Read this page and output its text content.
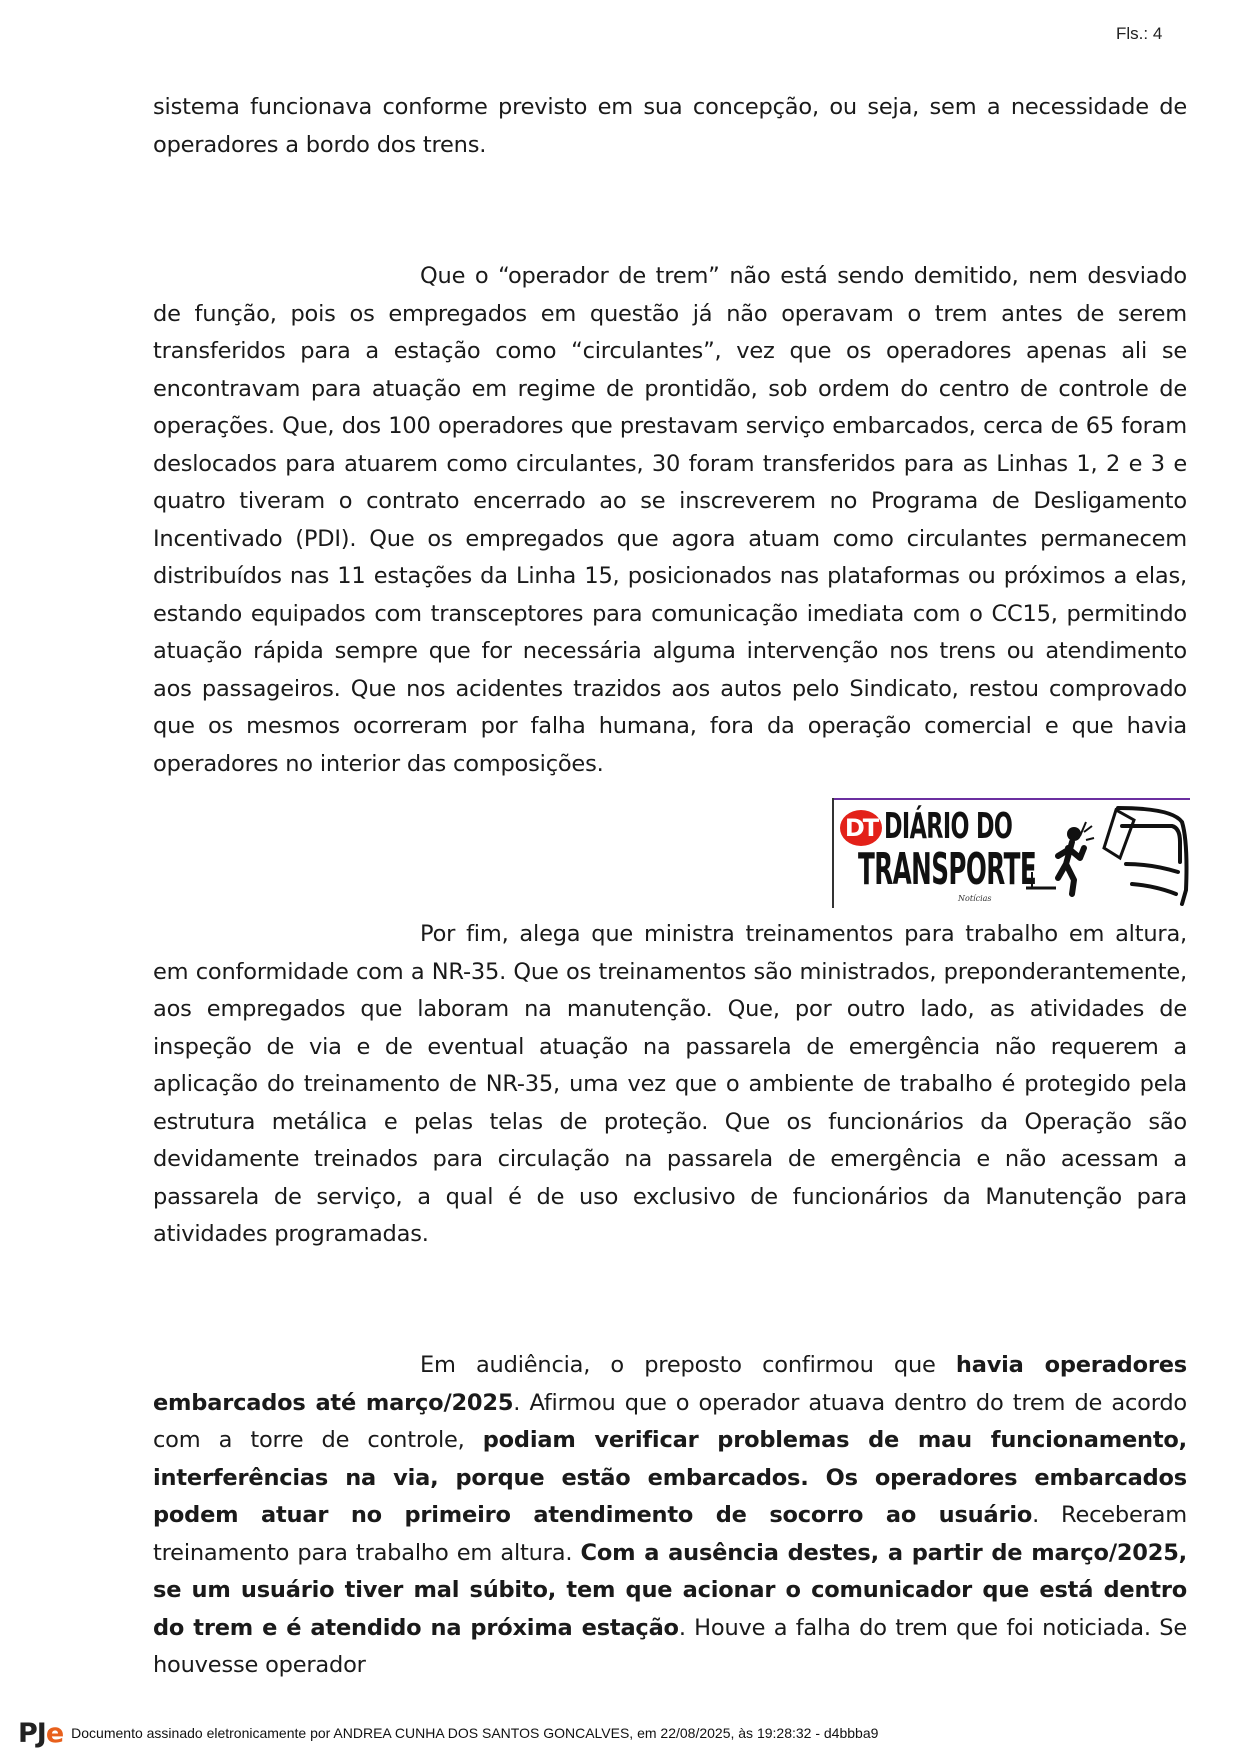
Fls.: 4

sistema funcionava conforme previsto em sua concepção, ou seja, sem a necessidade de operadores a bordo dos trens.

Que o “operador de trem” não está sendo demitido, nem desviado de função, pois os empregados em questão já não operavam o trem antes de serem transferidos para a estação como “circulantes”, vez que os operadores apenas ali se encontravam para atuação em regime de prontidão, sob ordem do centro de controle de operações. Que, dos 100 operadores que prestavam serviço embarcados, cerca de 65 foram deslocados para atuarem como circulantes, 30 foram transferidos para as Linhas 1, 2 e 3 e quatro tiveram o contrato encerrado ao se inscreverem no Programa de Desligamento Incentivado (PDI). Que os empregados que agora atuam como circulantes permanecem distribuídos nas 11 estações da Linha 15, posicionados nas plataformas ou próximos a elas, estando equipados com transceptores para comunicação imediata com o CC15, permitindo atuação rápida sempre que for necessária alguma intervenção nos trens ou atendimento aos passageiros. Que nos acidentes trazidos aos autos pelo Sindicato, restou comprovado que os mesmos ocorreram por falha humana, fora da operação comercial e que havia operadores no interior das composições.

DT DIÁRIO DO
TRANSPORTE
Notícias

Por fim, alega que ministra treinamentos para trabalho em altura, em conformidade com a NR-35. Que os treinamentos são ministrados, preponderantemente, aos empregados que laboram na manutenção. Que, por outro lado, as atividades de inspeção de via e de eventual atuação na passarela de emergência não requerem a aplicação do treinamento de NR-35, uma vez que o ambiente de trabalho é protegido pela estrutura metálica e pelas telas de proteção. Que os funcionários da Operação são devidamente treinados para circulação na passarela de emergência e não acessam a passarela de serviço, a qual é de uso exclusivo de funcionários da Manutenção para atividades programadas.

Em audiência, o preposto confirmou que havia operadores embarcados até março/2025. Afirmou que o operador atuava dentro do trem de acordo com a torre de controle, podiam verificar problemas de mau funcionamento, interferências na via, porque estão embarcados. Os operadores embarcados podem atuar no primeiro atendimento de socorro ao usuário. Receberam treinamento para trabalho em altura. Com a ausência destes, a partir de março/2025, se um usuário tiver mal súbito, tem que acionar o comunicador que está dentro do trem e é atendido na próxima estação. Houve a falha do trem que foi noticiada. Se houvesse operador

PJe Documento assinado eletronicamente por ANDREA CUNHA DOS SANTOS GONCALVES, em 22/08/2025, às 19:28:32 - d4bbba9
